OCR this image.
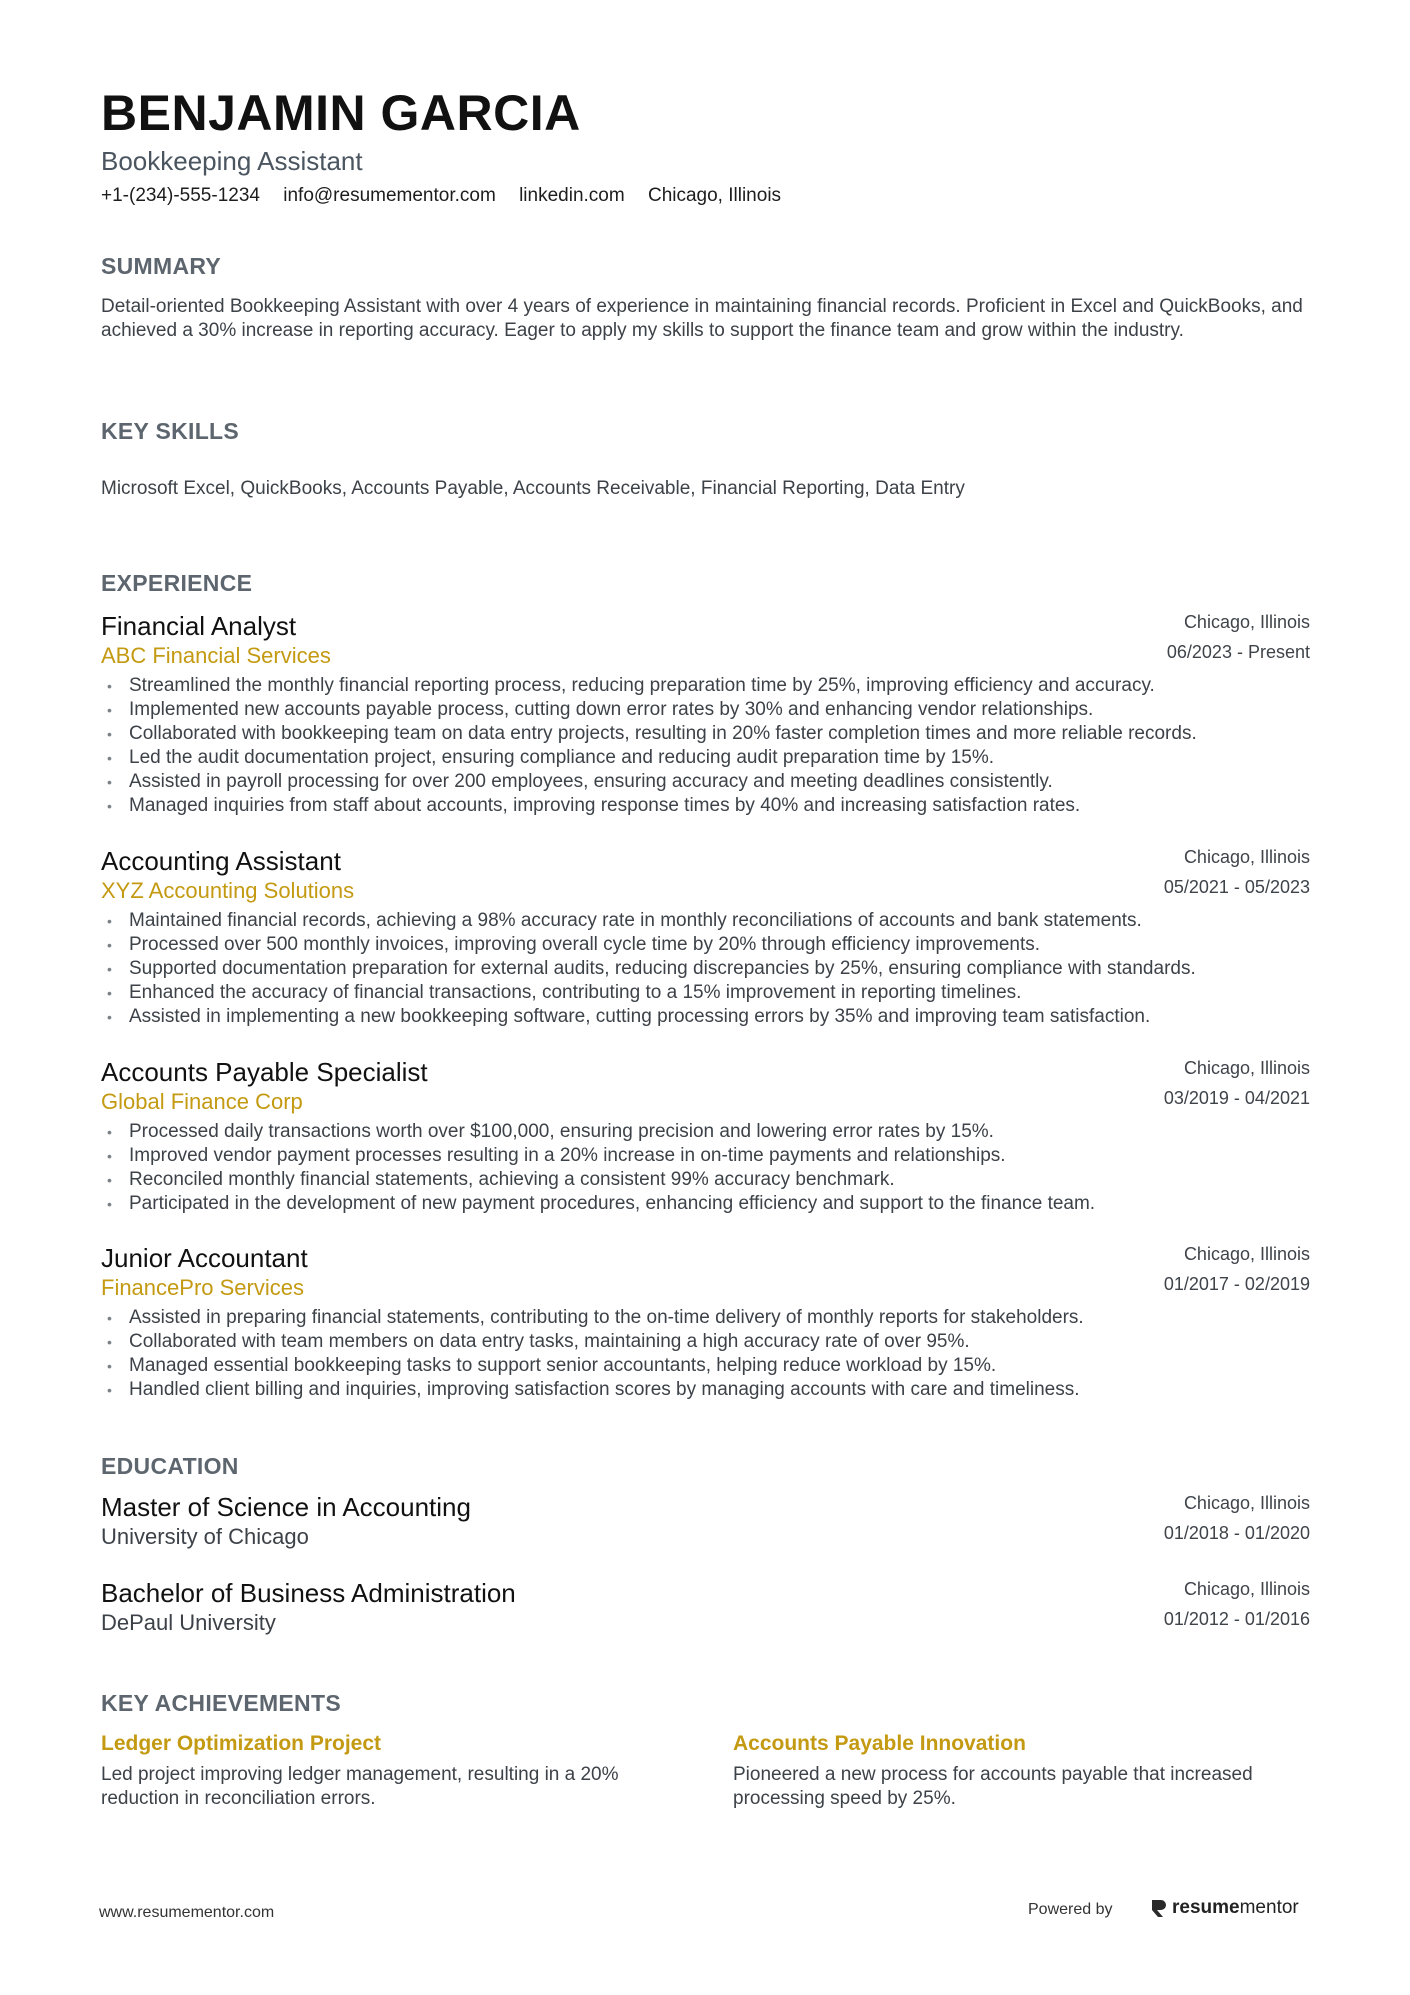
BENJAMIN GARCIA
Bookkeeping Assistant
+1-(234)-555-1234 info@resumementor.com linkedin.com Chicago, Illinois
SUMMARY
Detail-oriented Bookkeeping Assistant with over 4 years of experience in maintaining financial records. Proficient in Excel and QuickBooks, and achieved a 30% increase in reporting accuracy. Eager to apply my skills to support the finance team and grow within the industry.
KEY SKILLS
Microsoft Excel, QuickBooks, Accounts Payable, Accounts Receivable, Financial Reporting, Data Entry
EXPERIENCE
Financial Analyst
ABC Financial Services
Chicago, Illinois
06/2023 - Present
• Streamlined the monthly financial reporting process, reducing preparation time by 25%, improving efficiency and accuracy.
• Implemented new accounts payable process, cutting down error rates by 30% and enhancing vendor relationships.
• Collaborated with bookkeeping team on data entry projects, resulting in 20% faster completion times and more reliable records.
• Led the audit documentation project, ensuring compliance and reducing audit preparation time by 15%.
• Assisted in payroll processing for over 200 employees, ensuring accuracy and meeting deadlines consistently.
• Managed inquiries from staff about accounts, improving response times by 40% and increasing satisfaction rates.
Accounting Assistant
XYZ Accounting Solutions
Chicago, Illinois
05/2021 - 05/2023
• Maintained financial records, achieving a 98% accuracy rate in monthly reconciliations of accounts and bank statements.
• Processed over 500 monthly invoices, improving overall cycle time by 20% through efficiency improvements.
• Supported documentation preparation for external audits, reducing discrepancies by 25%, ensuring compliance with standards.
• Enhanced the accuracy of financial transactions, contributing to a 15% improvement in reporting timelines.
• Assisted in implementing a new bookkeeping software, cutting processing errors by 35% and improving team satisfaction.
Accounts Payable Specialist
Global Finance Corp
Chicago, Illinois
03/2019 - 04/2021
• Processed daily transactions worth over $100,000, ensuring precision and lowering error rates by 15%.
• Improved vendor payment processes resulting in a 20% increase in on-time payments and relationships.
• Reconciled monthly financial statements, achieving a consistent 99% accuracy benchmark.
• Participated in the development of new payment procedures, enhancing efficiency and support to the finance team.
Junior Accountant
FinancePro Services
Chicago, Illinois
01/2017 - 02/2019
• Assisted in preparing financial statements, contributing to the on-time delivery of monthly reports for stakeholders.
• Collaborated with team members on data entry tasks, maintaining a high accuracy rate of over 95%.
• Managed essential bookkeeping tasks to support senior accountants, helping reduce workload by 15%.
• Handled client billing and inquiries, improving satisfaction scores by managing accounts with care and timeliness.
EDUCATION
Master of Science in Accounting
University of Chicago
Chicago, Illinois
01/2018 - 01/2020
Bachelor of Business Administration
DePaul University
Chicago, Illinois
01/2012 - 01/2016
KEY ACHIEVEMENTS
Ledger Optimization Project
Led project improving ledger management, resulting in a 20% reduction in reconciliation errors.
Accounts Payable Innovation
Pioneered a new process for accounts payable that increased processing speed by 25%.
www.resumementor.com	Powered by	resume mentor
